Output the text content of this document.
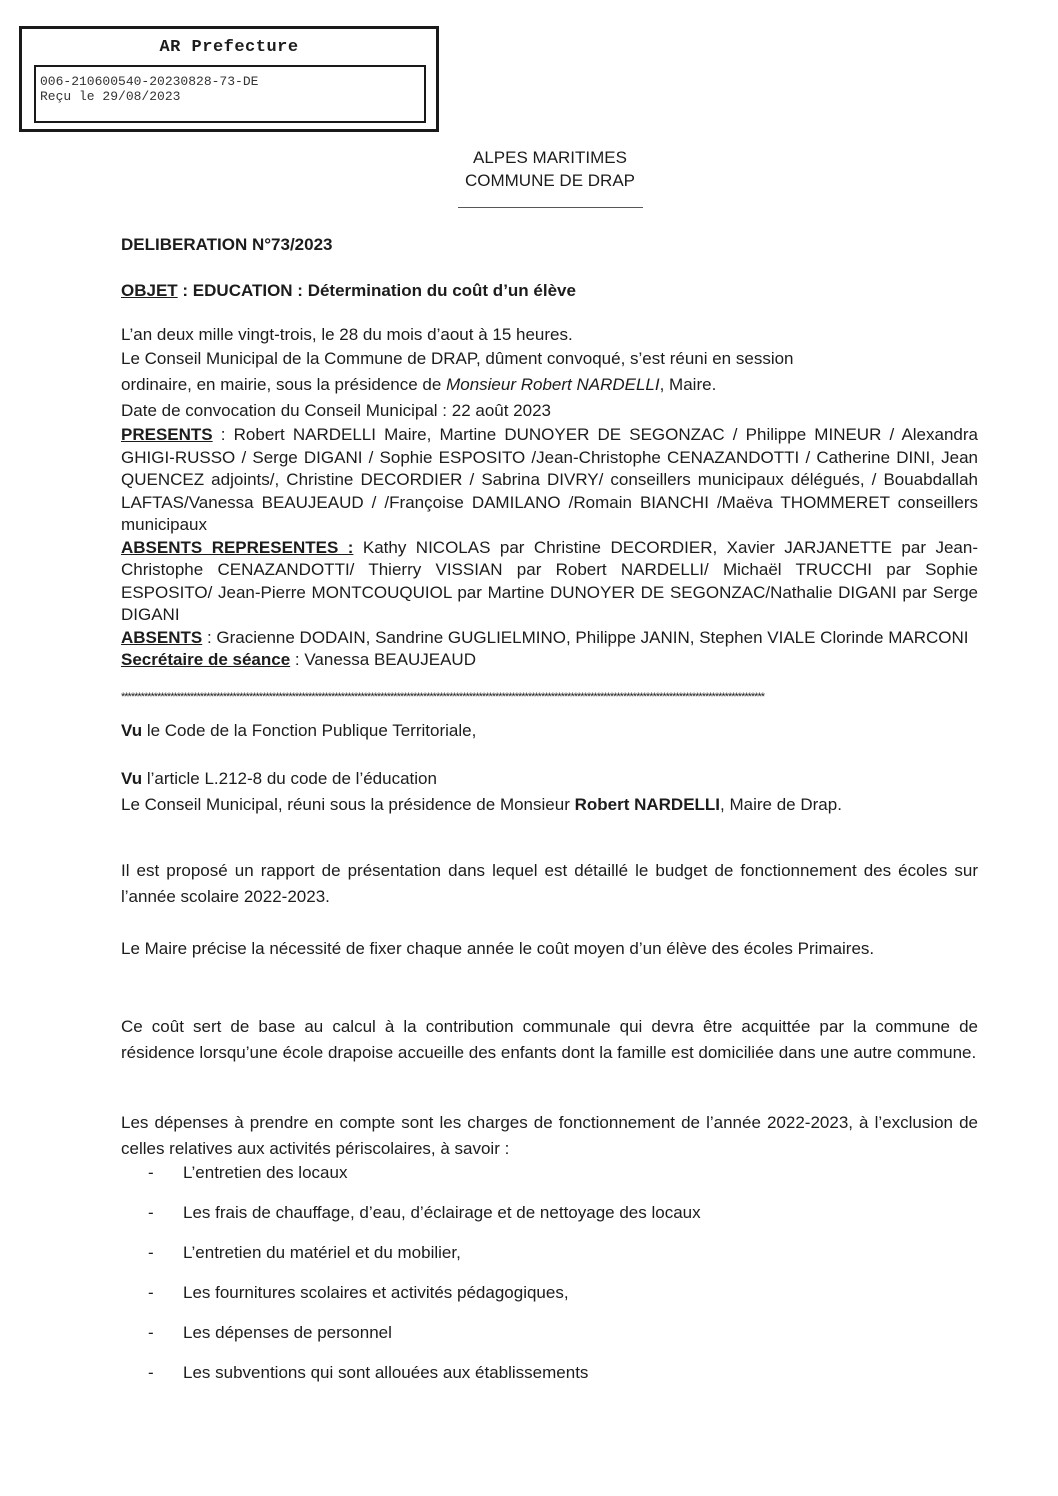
AR Prefecture
006-210600540-20230828-73-DE
Reçu le 29/08/2023
ALPES MARITIMES
COMMUNE DE DRAP
DELIBERATION N°73/2023
OBJET : EDUCATION : Détermination du coût d’un élève
L’an deux mille vingt-trois, le 28 du mois d’aout à 15 heures.
Le Conseil Municipal de la Commune de DRAP, dûment convoqué, s’est réuni en session
ordinaire, en mairie, sous la présidence de Monsieur Robert NARDELLI, Maire.
Date de convocation du Conseil Municipal : 22 août 2023
PRESENTS : Robert NARDELLI Maire, Martine DUNOYER DE SEGONZAC / Philippe MINEUR / Alexandra GHIGI-RUSSO / Serge DIGANI / Sophie ESPOSITO /Jean-Christophe CENAZANDOTTI / Catherine DINI, Jean QUENCEZ adjoints/, Christine DECORDIER / Sabrina DIVRY/ conseillers municipaux délégués, / Bouabdallah LAFTAS/Vanessa BEAUJEAUD / /Françoise DAMILANO /Romain BIANCHI /Maëva THOMMERET conseillers municipaux
ABSENTS REPRESENTES : Kathy NICOLAS par Christine DECORDIER, Xavier JARJANETTE par Jean-Christophe CENAZANDOTTI/ Thierry VISSIAN par Robert NARDELLI/ Michaël TRUCCHI par Sophie ESPOSITO/ Jean-Pierre MONTCOUQUIOL par Martine DUNOYER DE SEGONZAC/Nathalie DIGANI par Serge DIGANI
ABSENTS : Gracienne DODAIN, Sandrine GUGLIELMINO, Philippe JANIN, Stephen VIALE Clorinde MARCONI
Secrétaire de séance : Vanessa BEAUJEAUD
****************************************************************************************************************************************************************************************************
Vu le Code de la Fonction Publique Territoriale,
Vu l’article L.212-8 du code de l’éducation
Le Conseil Municipal, réuni sous la présidence de Monsieur Robert NARDELLI, Maire de Drap.
Il est proposé un rapport de présentation dans lequel est détaillé le budget de fonctionnement des écoles sur l’année scolaire 2022-2023.
Le Maire précise la nécessité de fixer chaque année le coût moyen d’un élève des écoles Primaires.
Ce coût sert de base au calcul à la contribution communale qui devra être acquittée par la commune de résidence lorsqu’une école drapoise accueille des enfants dont la famille est domiciliée dans une autre commune.
Les dépenses à prendre en compte sont les charges de fonctionnement de l’année 2022-2023, à l’exclusion de celles relatives aux activités périscolaires, à savoir :
- L’entretien des locaux
- Les frais de chauffage, d’eau, d’éclairage et de nettoyage des locaux
- L’entretien du matériel et du mobilier,
- Les fournitures scolaires et activités pédagogiques,
- Les dépenses de personnel
- Les subventions qui sont allouées aux établissements
